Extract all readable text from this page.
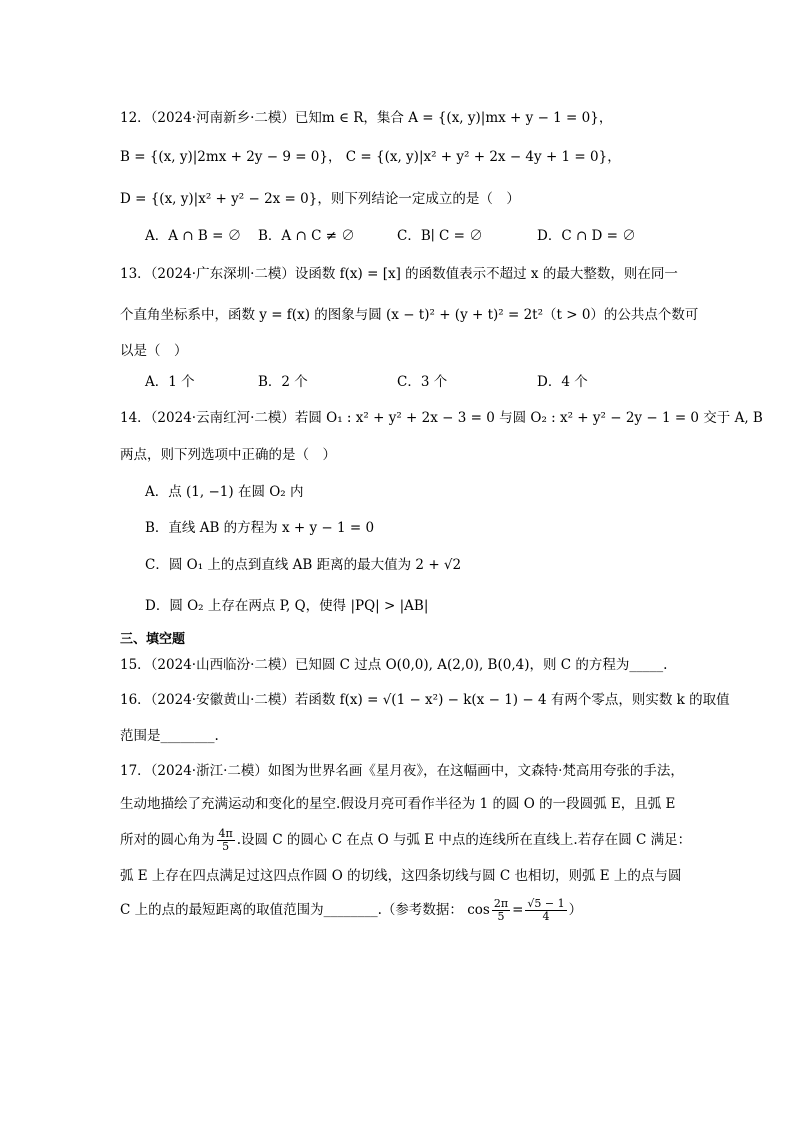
12．（2024·河南新乡·二模）已知m ∈ R，集合 A = {(x, y)|mx + y − 1 = 0}，
B = {(x, y)|2mx + 2y − 9 = 0}， C = {(x, y)|x² + y² + 2x − 4y + 1 = 0}，
D = {(x, y)|x² + y² − 2x = 0}，则下列结论一定成立的是（　）
A．A ∩ B = ∅ B．A ∩ C ≠ ∅	C．B∣ C = ∅	D．C ∩ D = ∅
13．（2024·广东深圳·二模）设函数 f(x) = [x] 的函数值表示不超过 x 的最大整数，则在同一
个直角坐标系中，函数 y = f(x) 的图象与圆 (x − t)² + (y + t)² = 2t²（t > 0）的公共点个数可
以是（　）
A．1 个	B．2 个	C．3 个	D．4 个
14．（2024·云南红河·二模）若圆 O₁ : x² + y² + 2x − 3 = 0 与圆 O₂ : x² + y² − 2y − 1 = 0 交于 A, B
两点，则下列选项中正确的是（　）
A．点 (1, −1) 在圆 O₂ 内
B．直线 AB 的方程为 x + y − 1 = 0
C．圆 O₁ 上的点到直线 AB 距离的最大值为 2 + √2
D．圆 O₂ 上存在两点 P, Q，使得 |PQ| > |AB|
三、填空题
15．（2024·山西临汾·二模）已知圆 C 过点 O(0,0), A(2,0), B(0,4)，则 C 的方程为_____.
16．（2024·安徽黄山·二模）若函数 f(x) = √(1 − x²) − k(x − 1) − 4 有两个零点，则实数 k 的取值
范围是________.
17．（2024·浙江·二模）如图为世界名画《星月夜》，在这幅画中，文森特·梵高用夸张的手法，
生动地描绘了充满运动和变化的星空.假设月亮可看作半径为 1 的圆 O 的一段圆弧 E，且弧 E
所对的圆心角为 $\frac{4\pi}{5}$ .设圆 C 的圆心 C 在点 O 与弧 E 中点的连线所在直线上.若存在圆 C 满足：
弧 E 上存在四点满足过这四点作圆 O 的切线，这四条切线与圆 C 也相切，则弧 E 上的点与圆
C 上的点的最短距离的取值范围为________.（参考数据： $\cos \frac{2\pi}{5} = \frac{√5 - 1}{4}$ ）
